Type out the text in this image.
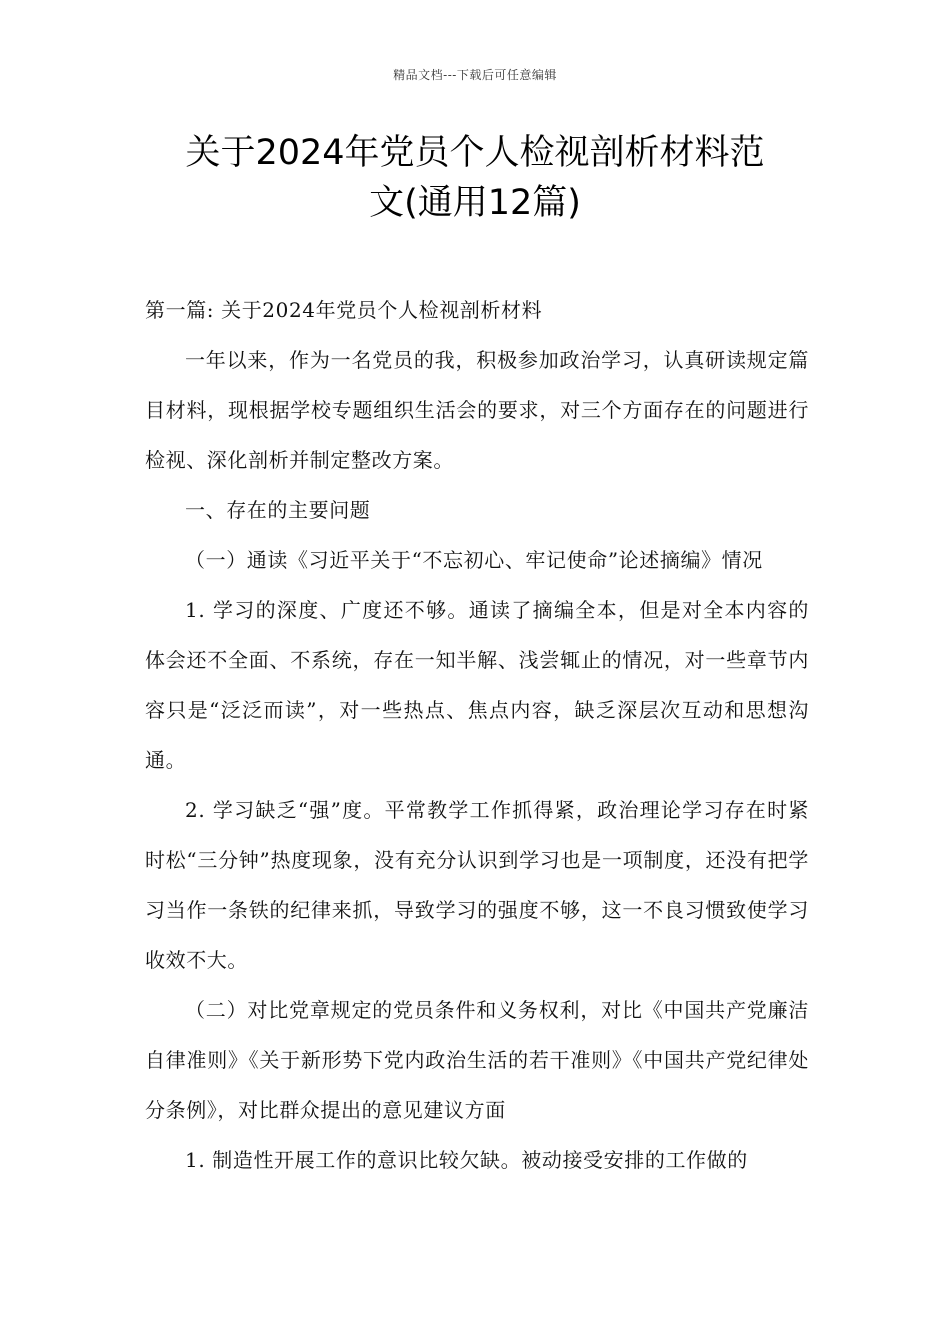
精品文档---下载后可任意编辑
关于2024年党员个人检视剖析材料范
文(通用12篇)

第一篇: 关于2024年党员个人检视剖析材料

一年以来，作为一名党员的我，积极参加政治学习，认真研读规定篇目材料，现根据学校专题组织生活会的要求，对三个方面存在的问题进行检视、深化剖析并制定整改方案。

一、存在的主要问题

（一）通读《习近平关于“不忘初心、牢记使命”论述摘编》情况

1. 学习的深度、广度还不够。通读了摘编全本，但是对全本内容的体会还不全面、不系统，存在一知半解、浅尝辄止的情况，对一些章节内容只是“泛泛而读”，对一些热点、焦点内容，缺乏深层次互动和思想沟通。

2. 学习缺乏“强”度。平常教学工作抓得紧，政治理论学习存在时紧时松“三分钟”热度现象，没有充分认识到学习也是一项制度，还没有把学习当作一条铁的纪律来抓，导致学习的强度不够，这一不良习惯致使学习收效不大。

（二）对比党章规定的党员条件和义务权利，对比《中国共产党廉洁自律准则》《关于新形势下党内政治生活的若干准则》《中国共产党纪律处分条例》，对比群众提出的意见建议方面

1. 制造性开展工作的意识比较欠缺。被动接受安排的工作做的
